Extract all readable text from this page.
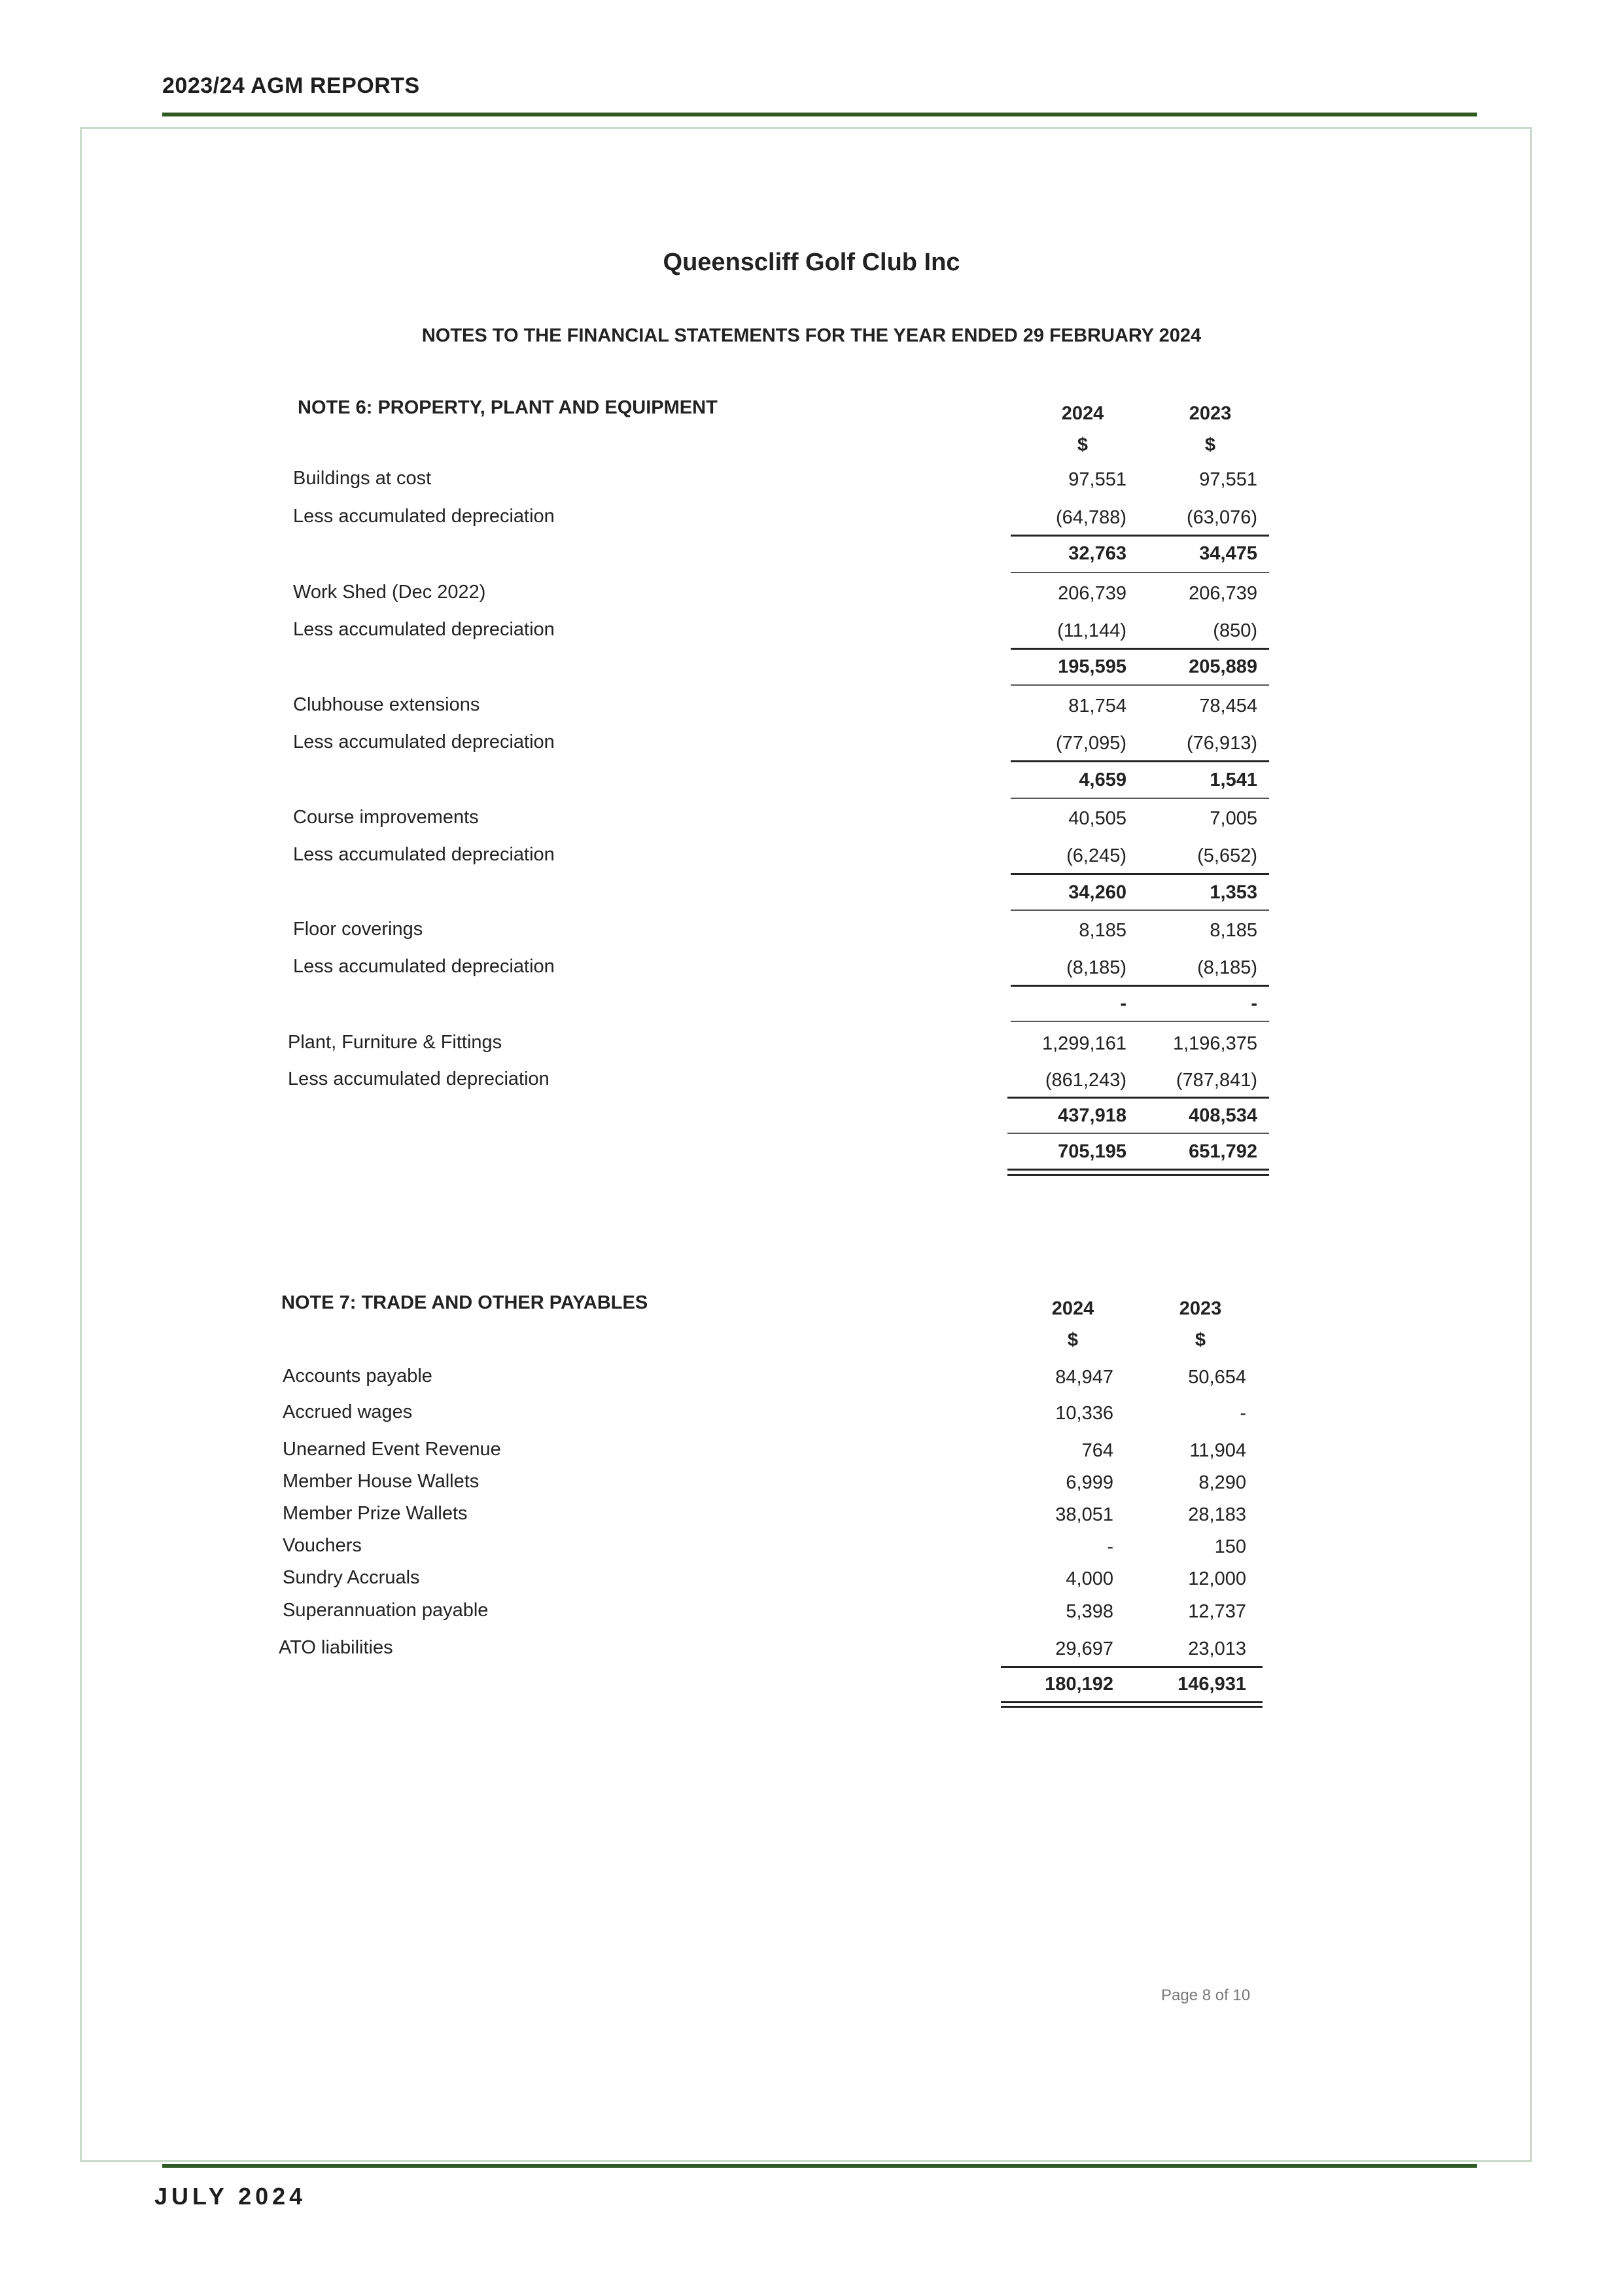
2023/24 AGM REPORTS
Queenscliff Golf Club Inc
NOTES TO THE FINANCIAL STATEMENTS FOR THE YEAR ENDED 29 FEBRUARY 2024
NOTE 6: PROPERTY, PLANT AND EQUIPMENT	2024	2023
$	$
Buildings at cost	97,551	97,551
Less accumulated depreciation	(64,788)	(63,076)
32,763	34,475
Work Shed (Dec 2022)	206,739	206,739
Less accumulated depreciation	(11,144)	(850)
195,595	205,889
Clubhouse extensions	81,754	78,454
Less accumulated depreciation	(77,095)	(76,913)
4,659	1,541
Course improvements	40,505	7,005
Less accumulated depreciation	(6,245)	(5,652)
34,260	1,353
Floor coverings	8,185	8,185
Less accumulated depreciation	(8,185)	(8,185)
-	-
Plant, Furniture & Fittings	1,299,161	1,196,375
Less accumulated depreciation	(861,243)	(787,841)
437,918	408,534
705,195	651,792
NOTE 7: TRADE AND OTHER PAYABLES	2024	2023
$	$
Accounts payable	84,947	50,654
Accrued wages	10,336	-
Unearned Event Revenue	764	11,904
Member House Wallets	6,999	8,290
Member Prize Wallets	38,051	28,183
Vouchers	-	150
Sundry Accruals	4,000	12,000
Superannuation payable	5,398	12,737
ATO liabilities	29,697	23,013
180,192	146,931
Page 8 of 10
JULY 2024
